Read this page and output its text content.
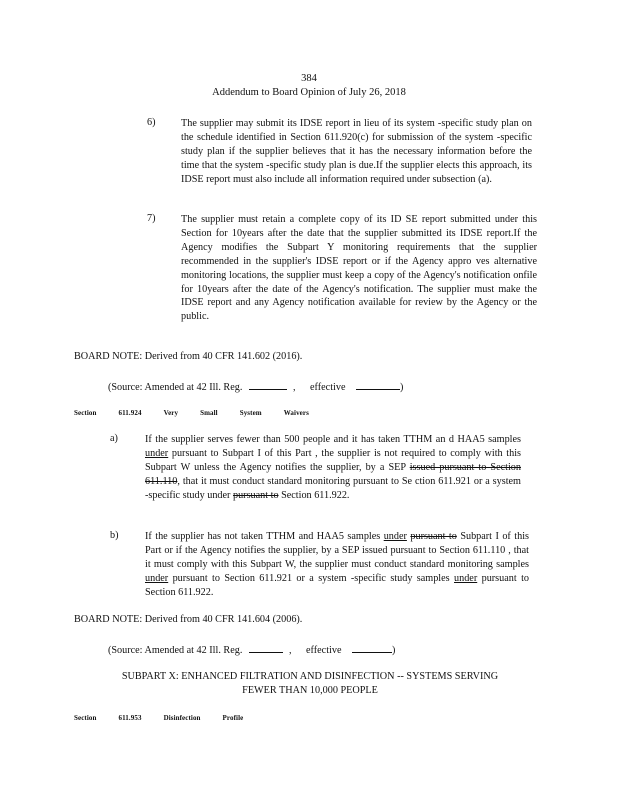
384
Addendum to Board Opinion of July 26, 2018
6)	The supplier may submit its IDSE report in lieu of its system -specific study plan on the schedule identified in Section 611.920(c) for submission of the system -specific study plan if the supplier believes that it has the necessary information before the time that the system -specific study plan is due.If the supplier elects this approach, its IDSE report must also include all information required under subsection (a).
7)	The supplier must retain a complete copy of its ID SE report submitted under this Section for 10years after the date that the supplier submitted its IDSE report.If the Agency modifies the Subpart Y monitoring requirements that the supplier recommended in the supplier's IDSE report or if the Agency appro ves alternative monitoring locations, the supplier must keep a copy of the Agency's notification onfile for 10years after the date of the Agency's notification. The supplier must make the IDSE report and any Agency notification available for review by the Agency or the public.
BOARD NOTE: Derived from 40 CFR 141.602 (2016).
(Source: Amended at 42 Ill. Reg.	, effective	)
Section	611.924	Very	Small	System	Waivers
a)	If the supplier serves fewer than 500 people and it has taken TTHM an d HAA5 samples under pursuant to Subpart I of this Part , the supplier is not required to comply with this Subpart W unless the Agency notifies the supplier, by a SEP issued pursuant to Section 611.110, that it must conduct standard monitoring pursuant to Se ction 611.921 or a system -specific study under pursuant to Section 611.922.
b)	If the supplier has not taken TTHM and HAA5 samples under pursuant to Subpart I of this Part or if the Agency notifies the supplier, by a SEP issued pursuant to Section 611.110 , that it must comply with this Subpart W, the supplier must conduct standard monitoring samples under pursuant to Section 611.921 or a system -specific study samples under pursuant to Section 611.922.
BOARD NOTE: Derived from 40 CFR 141.604 (2006).
(Source: Amended at 42 Ill. Reg.	, effective	)
SUBPART X: ENHANCED FILTRATION AND DISINFECTION -- SYSTEMS SERVING
FEWER THAN 10,000 PEOPLE
Section	611.953	Disinfection	Profile
